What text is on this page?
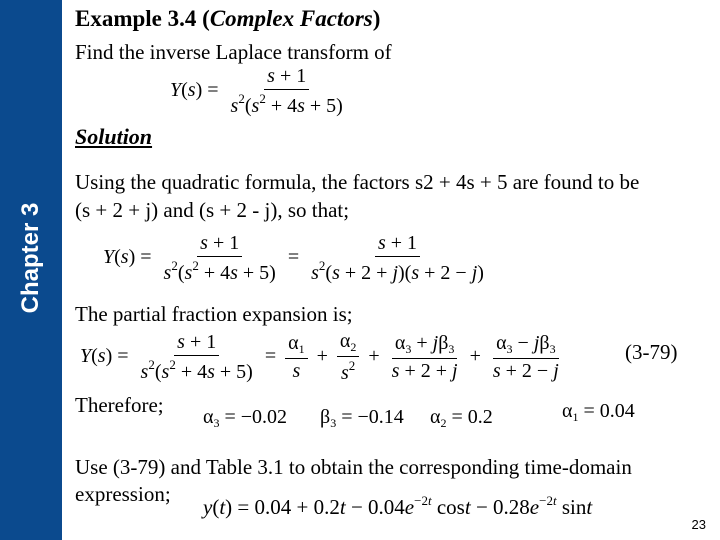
Chapter 3
Example 3.4 (Complex Factors)
Find the inverse Laplace transform of
$Y(s) = \frac{s + 1}{s^2(s^2 + 4s + 5)}$
Solution
Using the quadratic formula, the factors s2 + 4s + 5 are found to be
(s + 2 + j) and (s + 2 - j), so that;
$Y(s) = \frac{s + 1}{s^2(s^2 + 4s + 5)} = \frac{s + 1}{s^2(s + 2 + j)(s + 2 - j)}$
The partial fraction expansion is;
$Y(s) = \frac{s + 1}{s^2(s^2 + 4s + 5)} = \frac{\alpha_1}{s} + \frac{\alpha_2}{s^2} + \frac{\alpha_3 + j\beta_3}{s + 2 + j} + \frac{\alpha_3 - j\beta_3}{s + 2 - j}$	(3-79)
Therefore; $\alpha_3 = -0.02$ $\beta_3 = -0.14$ $\alpha_2 = 0.2$	$\alpha_1 = 0.04$
Use (3-79) and Table 3.1 to obtain the corresponding time-domain
expression;
$y(t) = 0.04 + 0.2t - 0.04e^{-2t}$ $\cos t - 0.28e^{-2t}$ sint
23
